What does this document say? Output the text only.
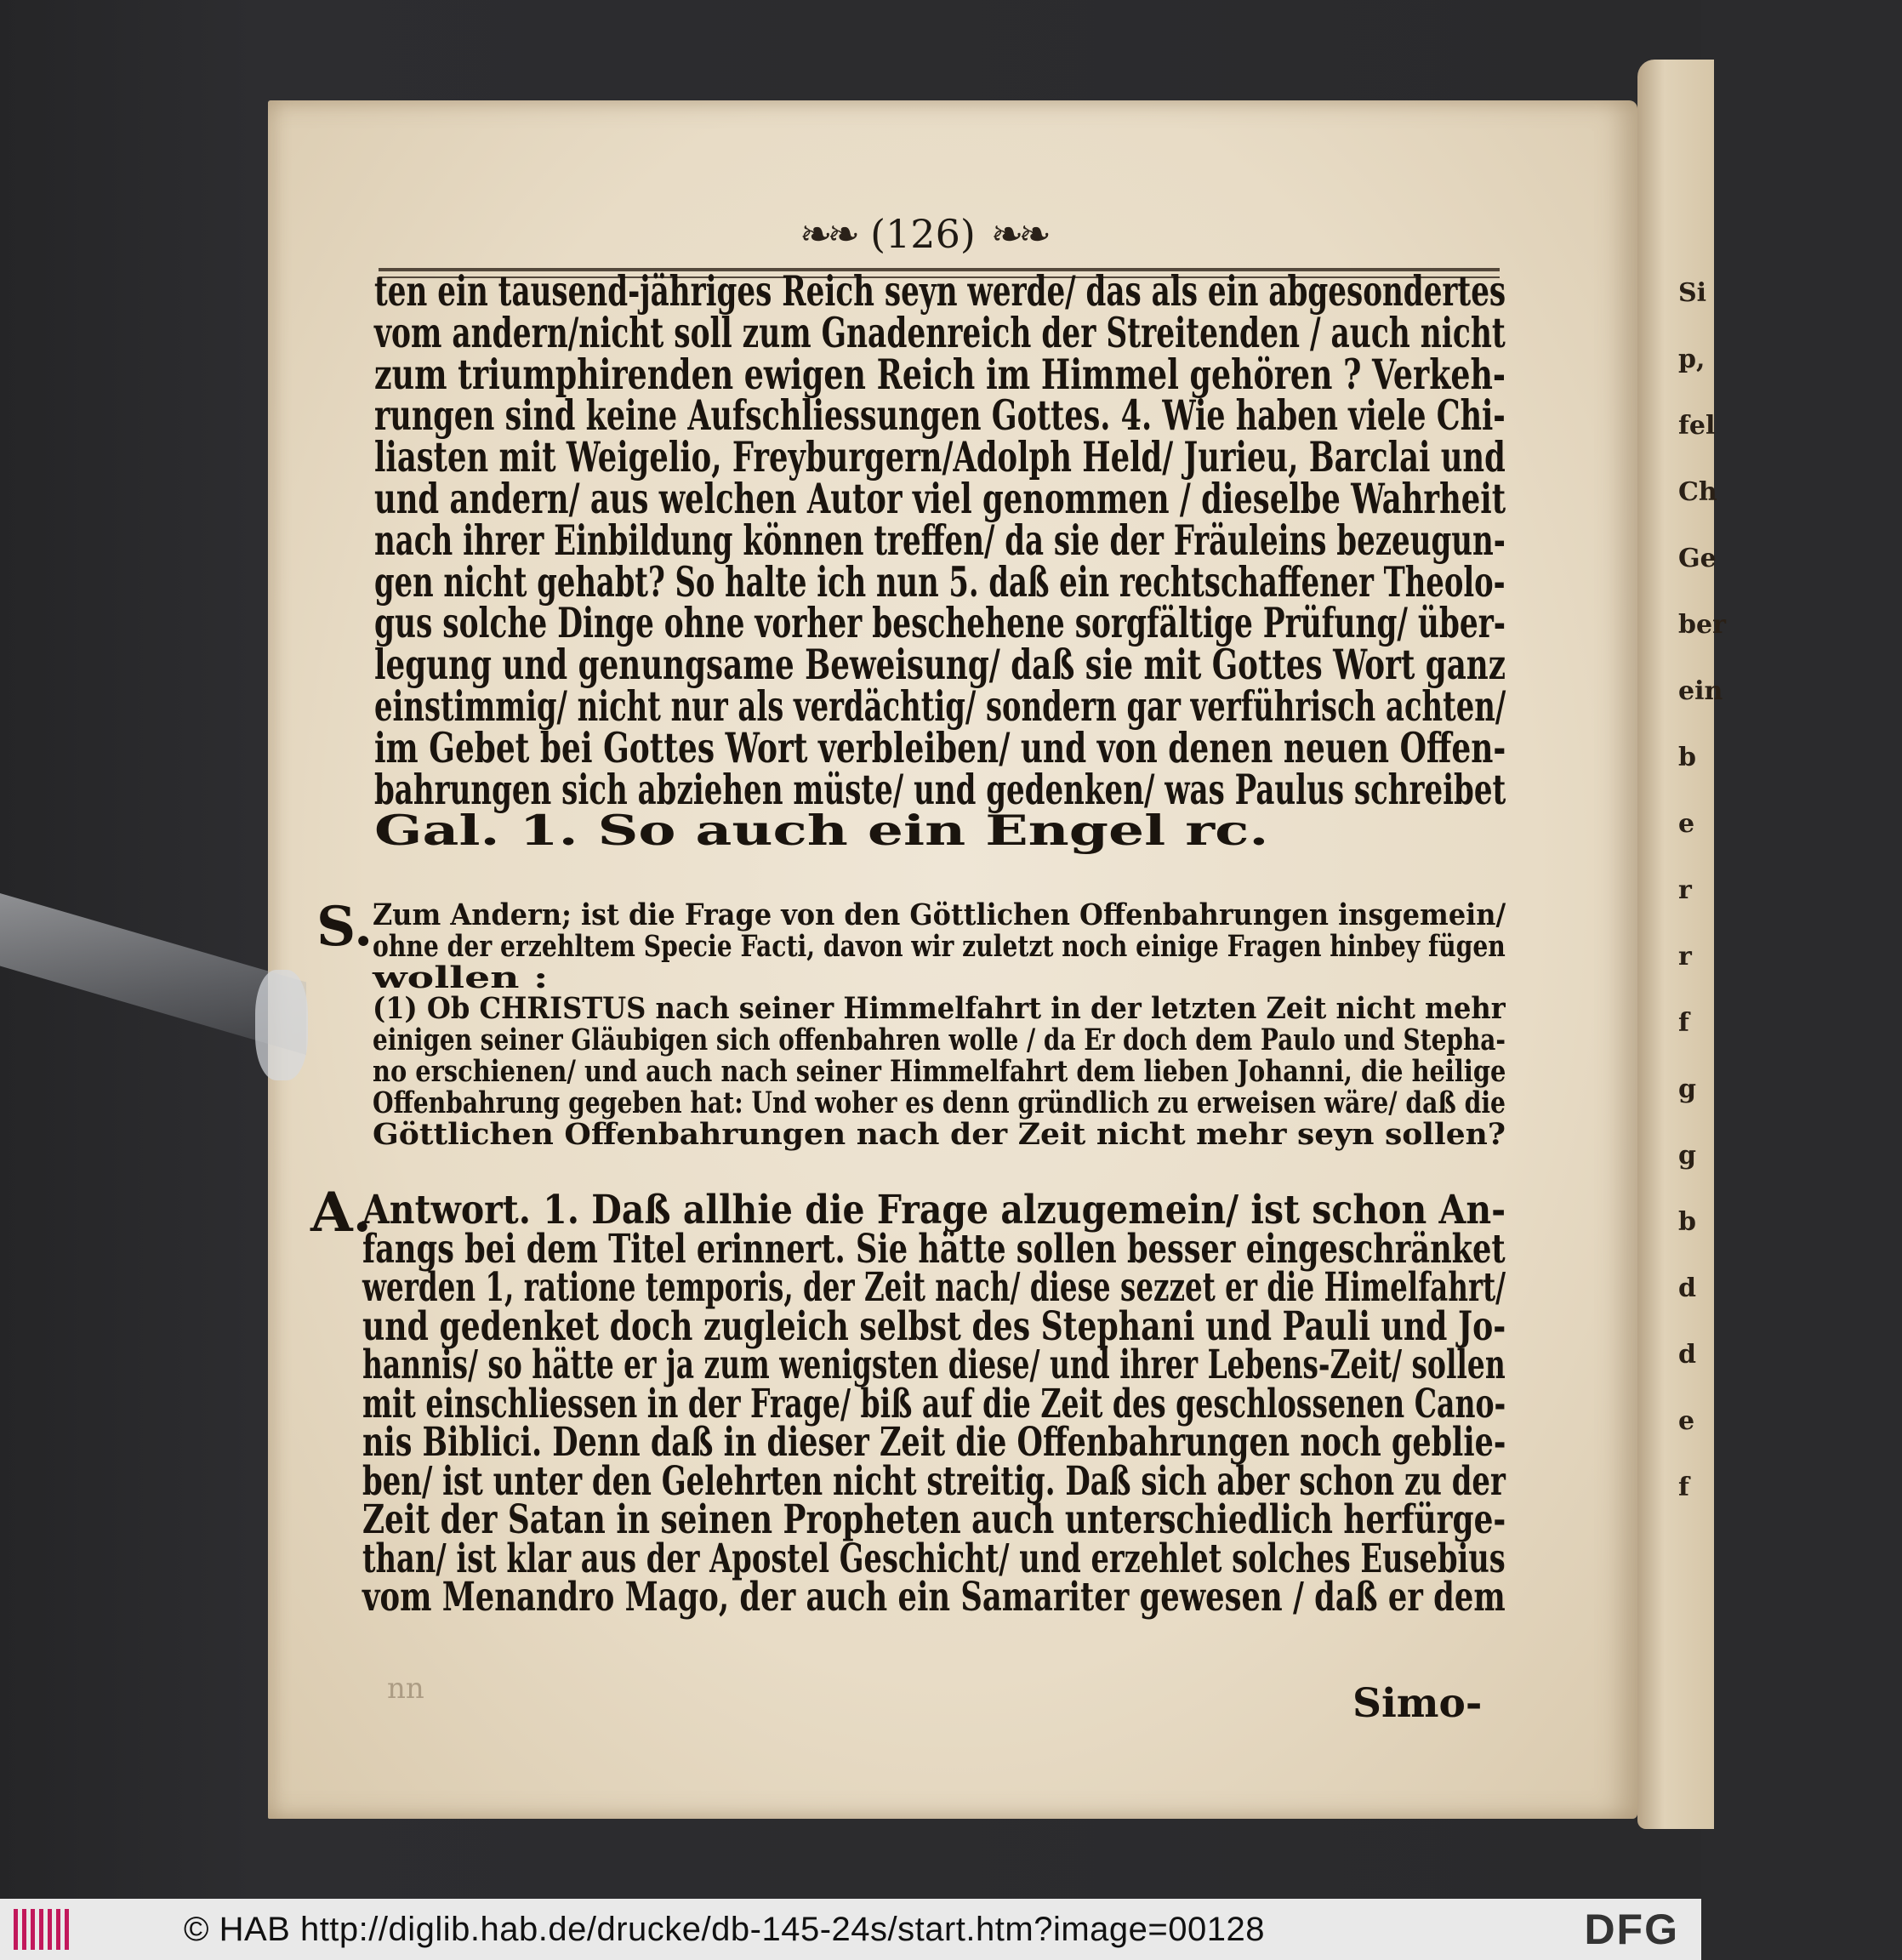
Si
p,
fel
Ch
Ge
ber
ein
b
e
r
r
f
g
g
b
d
d
e
f
❧❧ (126) ❧❧
ten ein tausend-jähriges Reich seyn werde/ das als ein abgesondertes
vom andern/nicht soll zum Gnadenreich der Streitenden / auch nicht
zum triumphirenden ewigen Reich im Himmel gehören ? Verkeh-
rungen sind keine Aufschliessungen Gottes. 4. Wie haben viele Chi-
liasten mit Weigelio, Freyburgern/Adolph Held/ Jurieu, Barclai und
und andern/ aus welchen Autor viel genommen / dieselbe Wahrheit
nach ihrer Einbildung können treffen/ da sie der Fräuleins bezeugun-
gen nicht gehabt? So halte ich nun 5. daß ein rechtschaffener Theolo-
gus solche Dinge ohne vorher beschehene sorgfältige Prüfung/ über-
legung und genungsame Beweisung/ daß sie mit Gottes Wort ganz
einstimmig/ nicht nur als verdächtig/ sondern gar verführisch achten/
im Gebet bei Gottes Wort verbleiben/ und von denen neuen Offen-
bahrungen sich abziehen müste/ und gedenken/ was Paulus schreibet
Gal. 1. So auch ein Engel rc.
S. Zum Andern; ist die Frage von den Göttlichen Offenbahrungen insgemein/
ohne der erzehltem Specie Facti, davon wir zuletzt noch einige Fragen hinbey fügen
wollen :
(1) Ob CHRISTUS nach seiner Himmelfahrt in der letzten Zeit nicht mehr
einigen seiner Gläubigen sich offenbahren wolle / da Er doch dem Paulo und Stepha-
no erschienen/ und auch nach seiner Himmelfahrt dem lieben Johanni, die heilige
Offenbahrung gegeben hat: Und woher es denn gründlich zu erweisen wäre/ daß die
Göttlichen Offenbahrungen nach der Zeit nicht mehr seyn sollen?
A.
Antwort. 1. Daß allhie die Frage alzugemein/ ist schon An-
fangs bei dem Titel erinnert. Sie hätte sollen besser eingeschränket
werden 1, ratione temporis, der Zeit nach/ diese sezzet er die Himelfahrt/
und gedenket doch zugleich selbst des Stephani und Pauli und Jo-
hannis/ so hätte er ja zum wenigsten diese/ und ihrer Lebens-Zeit/ sollen
mit einschliessen in der Frage/ biß auf die Zeit des geschlossenen Cano-
nis Biblici. Denn daß in dieser Zeit die Offenbahrungen noch geblie-
ben/ ist unter den Gelehrten nicht streitig. Daß sich aber schon zu der
Zeit der Satan in seinen Propheten auch unterschiedlich herfürge-
than/ ist klar aus der Apostel Geschicht/ und erzehlet solches Eusebius
vom Menandro Mago, der auch ein Samariter gewesen / daß er dem
nn	Simo-
© HAB http://diglib.hab.de/drucke/db-145-24s/start.htm?image=00128	DFG
